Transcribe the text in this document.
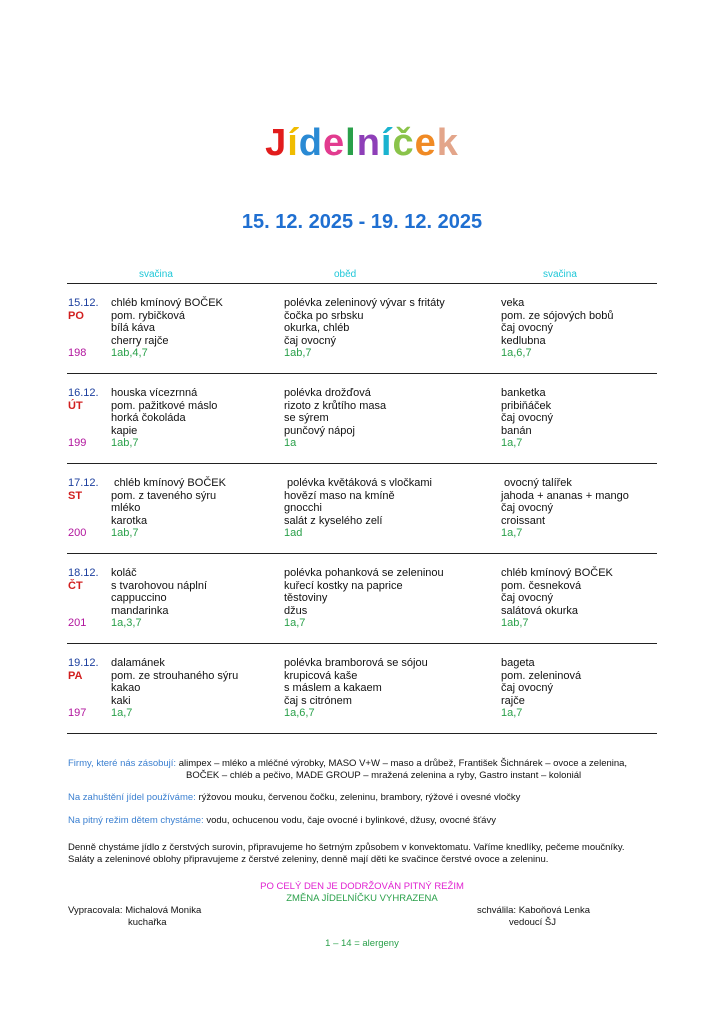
Jídelníček
15. 12. 2025 - 19. 12. 2025
svačina	oběd	svačina
15.12.
PO

198
chléb kmínový BOČEK
pom. rybičková
bílá káva
cherry rajče
1ab,4,7
polévka zeleninový vývar s fritáty
čočka po srbsku
okurka, chléb
čaj ovocný
1ab,7
veka
pom. ze sójových bobů
čaj ovocný
kedlubna
1a,6,7
16.12.
ÚT

199
houska vícezrnná
pom. pažitkové máslo
horká čokoláda
kapie
1ab,7
polévka drožďová
rizoto z krůtího masa
se sýrem
punčový nápoj
1a
banketka
pribiňáček
čaj ovocný
banán
1a,7
17.12.
ST

200
chléb kmínový BOČEK
pom. z taveného sýru
mléko
karotka
1ab,7
polévka květáková s vločkami
hovězí maso na kmíně
gnocchi
salát z kyselého zelí
1ad
ovocný talířek
jahoda + ananas + mango
čaj ovocný
croissant
1a,7
18.12.
ČT

201
koláč
s tvarohovou náplní
cappuccino
mandarinka
1a,3,7
polévka pohanková se zeleninou
kuřecí kostky na paprice
těstoviny
džus
1a,7
chléb kmínový BOČEK
pom. česneková
čaj ovocný
salátová okurka
1ab,7
19.12.
PA

197
dalamánek
pom. ze strouhaného sýru
kakao
kaki
1a,7
polévka bramborová se sójou
krupicová kaše
s máslem a kakaem
čaj s citrónem
1a,6,7
bageta
pom. zeleninová
čaj ovocný
rajče
1a,7
Firmy, které nás zásobují: alimpex – mléko a mléčné výrobky, MASO V+W – maso a drůbež, František Šichnárek – ovoce a zelenina,
BOČEK – chléb a pečivo, MADE GROUP – mražená zelenina a ryby, Gastro instant – koloniál
Na zahuštění jídel používáme: rýžovou mouku, červenou čočku, zeleninu, brambory, rýžové i ovesné vločky
Na pitný režim dětem chystáme: vodu, ochucenou vodu, čaje ovocné i bylinkové, džusy, ovocné šťávy
Denně chystáme jídlo z čerstvých surovin, připravujeme ho šetrným způsobem v konvektomatu. Vaříme knedlíky, pečeme moučníky.
Saláty a zeleninové oblohy připravujeme z čerstvé zeleniny, denně mají děti ke svačince čerstvé ovoce a zeleninu.
PO CELÝ DEN JE DODRŽOVÁN PITNÝ REŽIM
ZMĚNA JÍDELNÍČKU VYHRAZENA
Vypracovala: Michalová Monika
kuchařka
schválila: Kaboňová Lenka
vedoucí ŠJ
1 – 14 = alergeny
